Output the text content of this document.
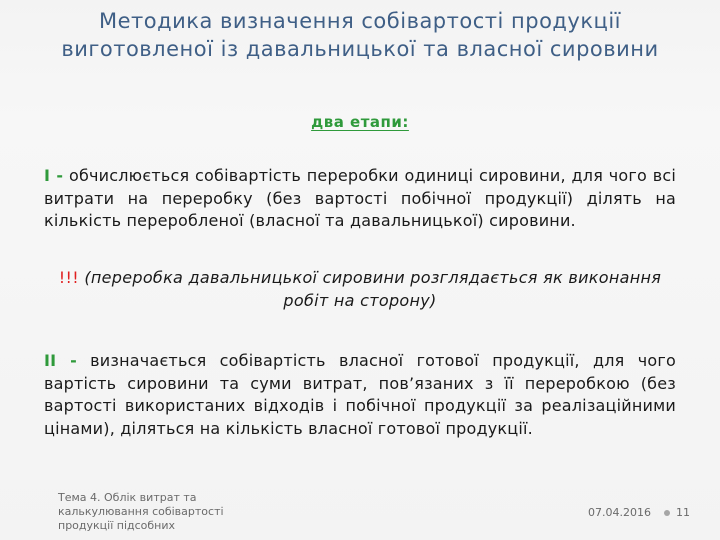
Методика визначення собівартості продукції виготовленої із давальницької та власної сировини
два етапи:
I - обчислюється собівартість переробки одиниці сировини, для чого всі витрати на переробку (без вартості побічної продукції) ділять на кількість переробленої (власної та давальницької) сировини.
!!! (переробка давальницької сировини розглядається як виконання робіт на сторону)
II - визначається собівартість власної готової продукції, для чого вартість сировини та суми витрат, пов’язаних з її переробкою (без вартості використаних відходів і побічної продукції за реалізаційними цінами), діляться на кількість власної готової продукції.
Тема 4. Облік витрат та калькулювання собівартості продукції підсобних
07.04.2016 11
